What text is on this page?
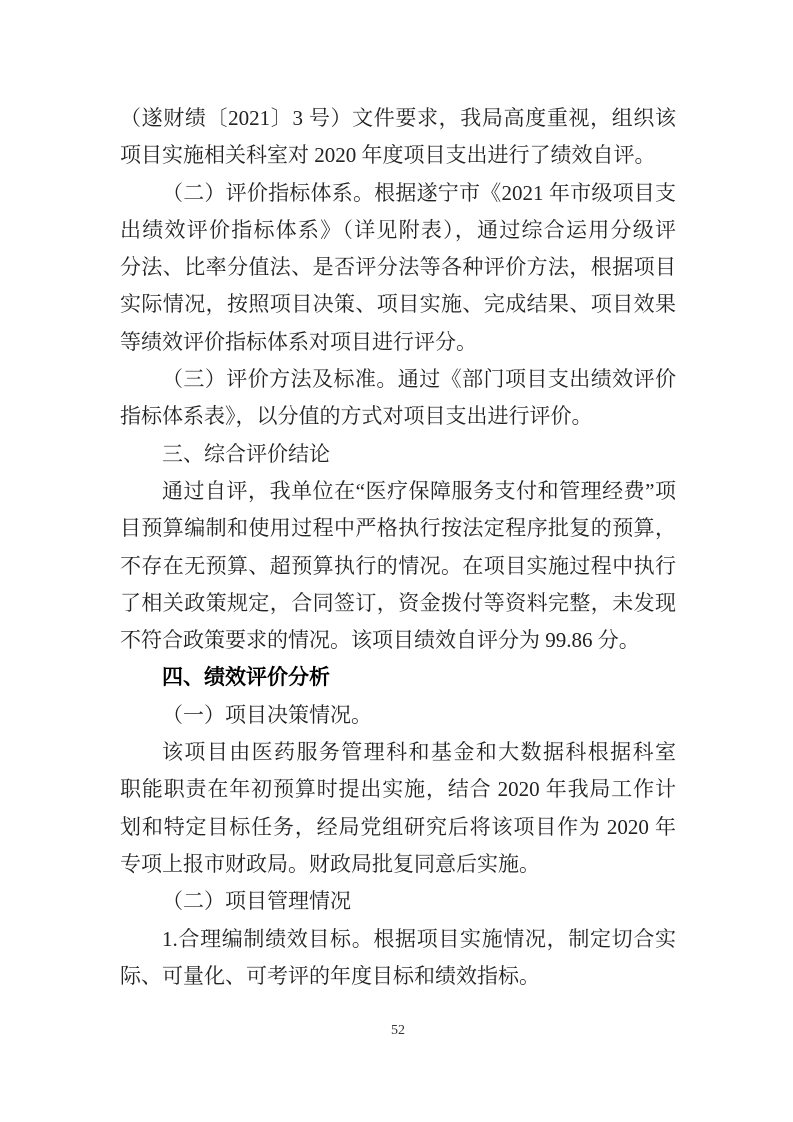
（遂财绩〔2021〕3 号）文件要求，我局高度重视，组织该
项目实施相关科室对 2020 年度项目支出进行了绩效自评。
（二）评价指标体系。根据遂宁市《2021 年市级项目支
出绩效评价指标体系》（详见附表），通过综合运用分级评
分法、比率分值法、是否评分法等各种评价方法，根据项目
实际情况，按照项目决策、项目实施、完成结果、项目效果
等绩效评价指标体系对项目进行评分。
（三）评价方法及标准。通过《部门项目支出绩效评价
指标体系表》，以分值的方式对项目支出进行评价。
三、综合评价结论
通过自评，我单位在“医疗保障服务支付和管理经费”项
目预算编制和使用过程中严格执行按法定程序批复的预算，
不存在无预算、超预算执行的情况。在项目实施过程中执行
了相关政策规定，合同签订，资金拨付等资料完整，未发现
不符合政策要求的情况。该项目绩效自评分为 99.86 分。
四、绩效评价分析
（一）项目决策情况。
该项目由医药服务管理科和基金和大数据科根据科室
职能职责在年初预算时提出实施，结合 2020 年我局工作计
划和特定目标任务，经局党组研究后将该项目作为 2020 年
专项上报市财政局。财政局批复同意后实施。
（二）项目管理情况
1.合理编制绩效目标。根据项目实施情况，制定切合实
际、可量化、可考评的年度目标和绩效指标。
52
